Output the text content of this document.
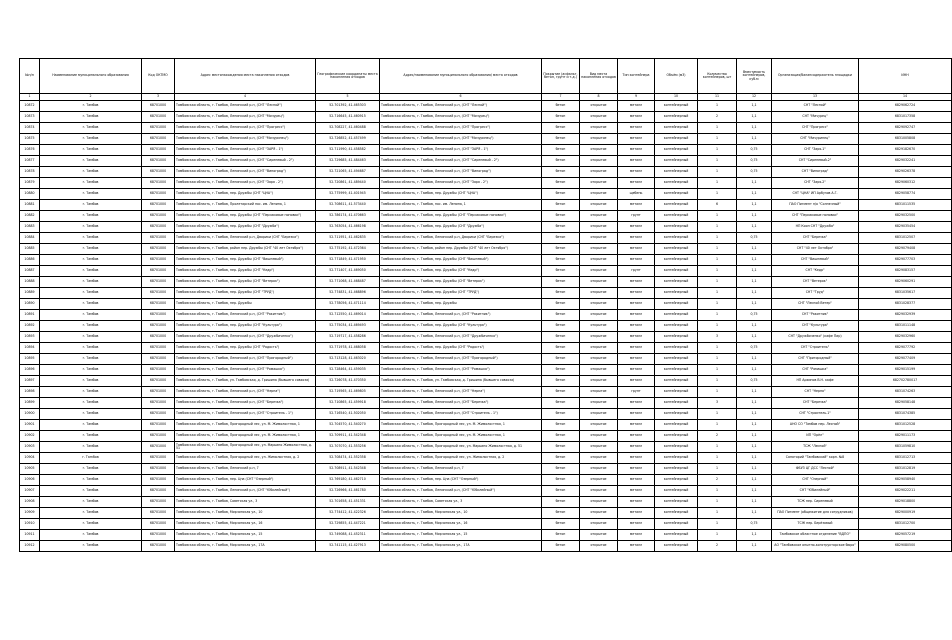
№п/п	Наименование муниципального образования	Код ОКТМО	Адрес местонахождения места накопления отходов	Географические координаты места накопления отходов	Адрес/наименование муниципального образования/ места отходов	Покрытие (асфальт, бетон, грунт и т.д.)	Вид места накопления отходов	Тип контейнера	Объём (м3)	Количество контейнеров, шт	Вместимость контейнеров, куб.м	Организация/балансодержатель площадки	ИНН
1	2	3	4	5	6	7	8	9	10	11	12	13	14
10872	г. Тамбов	68701000	Тамбовская область, г. Тамбов, Ленинский р-н, (СНТ "Лесной")	52.701392, 41.465303	Тамбовская область, г. Тамбов, Ленинский р-н, (СНТ "Лесной")	бетон	открытое	металл	контейнерный	1	1,1	СНТ "Лесной"	6829062724
10873	г. Тамбов	68701000	Тамбовская область, г. Тамбов, Ленинский р-н, (СНТ "Мичурец")	52.716645, 41.460915	Тамбовская область, г. Тамбов, Ленинский р-н, (СНТ "Мичурец")	бетон	открытое	металл	контейнерный	2	1,1	СНТ "Мичурец"	6831017358
10874	г. Тамбов	68701000	Тамбовская область, г. Тамбов, Ленинский р-н, (СНТ "Прогресс")	52.708227, 41.460488	Тамбовская область, г. Тамбов, Ленинский р-н, (СНТ "Прогресс")	бетон	открытое	металл	контейнерный	1	1,1	СНТ "Прогресс"	6829092747
10875	г. Тамбов	68701000	Тамбовская область, г. Тамбов, Ленинский р-н, (СНТ "Мичуринец")	52.726852, 41.457499	Тамбовская область, г. Тамбов, Ленинский р-н, (СНТ "Мичуринец")	бетон	открытое	металл	контейнерный	1	1,1	СНТ "Мичуринец"	6831005808
10876	г. Тамбов	68701000	Тамбовская область, г. Тамбов, Ленинский р-н, (СНТ "ЗАРЯ - 1")	52.711990, 41.458582	Тамбовская область, г. Тамбов, Ленинский р-н, (СНТ "ЗАРЯ - 1")	бетон	открытое	металл	контейнерный	1	0,75	СНТ "Заря-1"	6829182670
10877	г. Тамбов	68701000	Тамбовская область, г. Тамбов, Ленинский р-н, (СНТ "Сиреневый - 2")	52.729685, 41.484463	Тамбовская область, г. Тамбов, Ленинский р-н, (СНТ "Сиреневый - 2")	бетон	открытое	металл	контейнерный	1	0,75	СНТ "Сиреневый-2"	6829032241
10878	г. Тамбов	68701000	Тамбовская область, г. Тамбов, Ленинский р-н, (СНТ "Виноград")	52.721065, 41.494687	Тамбовская область, г. Тамбов, Ленинский р-н, (СНТ "Виноград")	бетон	открытое	металл	контейнерный	1	0,75	СНТ "Виноград"	6829026378
10879	г. Тамбов	68701000	Тамбовская область, г. Тамбов, Ленинский р-н, (СНТ "Заря - 2")	52.720861, 41.489440	Тамбовская область, г. Тамбов, Ленинский р-н, (СНТ "Заря - 2")	бетон	открытое	металл	контейнерный	1	1,1	СНТ "Заря-2"	6829060312
10880	г. Тамбов	68701000	Тамбовская область, г. Тамбов, пер. Дружбы (СНТ "ЦНА")	52.775999, 41.401945	Тамбовская область, г. Тамбов, пер. Дружбы (СНТ "ЦНА")	бетон	открытое	щебень	контейнерный	1	1,1	СНТ "ЦНА" ИП Арбузов А.Г.	6829058774
10881	г. Тамбов	68701000	Тамбовская область, г. Тамбов, Пролетарский пос. им. Ленина, 1	52.708611, 41.573440	Тамбовская область, г. Тамбов, пос. им. Ленина, 1	бетон	открытое	металл	контейнерный	6	1,1	ПАО Пигмент п/о "Солнечный"	6831011535
10882	г. Тамбов	68701000	Тамбовская область, г. Тамбов, пер. Дружбы (СНТ "Персиковые поповки")	52.786174, 41.470663	Тамбовская область, г. Тамбов, пер. Дружбы (СНТ "Персиковые поповки")	бетон	открытое	грунт	контейнерный	1	1,1	СНТ "Персиковые поповки"	6829032500
10883	г. Тамбов	68701000	Тамбовская область, г. Тамбов, пер. Дружбы (СНТ "Дружба")	52.763054, 41.466198	Тамбовская область, г. Тамбов, пер. Дружбы (СНТ "Дружба")	бетон	открытое	металл	контейнерный	1	1,1	НП Кооп СНТ "Дружба"	6829035454
10884	г. Тамбов	68701000	Тамбовская область, г. Тамбов, Ленинский р-н, Дворики (СНТ "Березка")	52.711951, 41.462835	Тамбовская область, г. Тамбов, Ленинский р-н, Дворики (СНТ "Березка")	бетон	открытое	металл	контейнерный	1	0,75	СНТ "Березка"	6831012507
10885	г. Тамбов	68701000	Тамбовская область, г. Тамбов, район пер. Дружбы (СНТ "40 лет Октября")	52.775192, 41.472364	Тамбовская область, г. Тамбов, район пер. Дружбы (СНТ "40 лет Октября")	бетон	открытое	металл	контейнерный	1	1,1	СНТ "40 лет Октября"	6829079408
10886	г. Тамбов	68701000	Тамбовская область, г. Тамбов, пер. Дружбы (СНТ "Вишневый")	52.771849, 41.471950	Тамбовская область, г. Тамбов, пер. Дружбы (СНТ "Вишневый")	бетон	открытое	металл	контейнерный	1	1,1	СНТ "Вишневый"	6829077703
10887	г. Тамбов	68701000	Тамбовская область, г. Тамбов, пер. Дружбы (СНТ "Кедр")	52.771407, 41.469050	Тамбовская область, г. Тамбов, пер. Дружбы (СНТ "Кедр")	бетон	открытое	грунт	контейнерный	1	1,1	СНТ "Кедр"	6829083157
10888	г. Тамбов	68701000	Тамбовская область, г. Тамбов, пер. Дружбы (СНТ "Ветерок")	52.771068, 41.468487	Тамбовская область, г. Тамбов, пер. Дружбы (СНТ "Ветерок")	бетон	открытое	металл	контейнерный	1	1,1	СНТ "Ветерок"	6829060291
10889	г. Тамбов	68701000	Тамбовская область, г. Тамбов, пер. Дружбы (СНТ "ТРУД")	52.774831, 41.468896	Тамбовская область, г. Тамбов, пер. Дружбы (СНТ "ТРУД")	бетон	открытое	металл	контейнерный	1	1,1	СНТ "Труд"	6831035617
10890	г. Тамбов	68701000	Тамбовская область, г. Тамбов, пер. Дружбы	52.778056, 41.471114	Тамбовская область, г. Тамбов, пер. Дружбы	бетон	открытое	металл	контейнерный	1	1,1	СНТ "Лесной Ветер"	6831028377
10891	г. Тамбов	68701000	Тамбовская область, г. Тамбов, Ленинский р-н, (СНТ "Ракитник")	52.712550, 41.469014	Тамбовская область, г. Тамбов, Ленинский р-н, (СНТ "Ракитник")	бетон	открытое	металл	контейнерный	1	0,75	СНТ "Ракитник"	6829032939
10892	г. Тамбов	68701000	Тамбовская область, г. Тамбов, пер. Дружбы (СНТ "Культура")	52.775034, 41.469493	Тамбовская область, г. Тамбов, пер. Дружбы (СНТ "Культура")	бетон	открытое	металл	контейнерный	1	1,1	СНТ "Культура"	6831011148
10893	г. Тамбов	68701000	Тамбовская область, г. Тамбов, Ленинский р-н, (СНТ "Дружбиченко")	52.719717, 41.458286	Тамбовская область, г. Тамбов, Ленинский р-н, (СНТ "Дружбиченко")	бетон	открытое	металл	контейнерный	3	1,1	СНТ "Дружбиченко" (кафе Пир)	6829032960
10894	г. Тамбов	68701000	Тамбовская область, г. Тамбов, пер. Дружбы (СНТ "Радость")	52.771978, 41.468058	Тамбовская область, г. Тамбов, пер. Дружбы (СНТ "Радость")	бетон	открытое	металл	контейнерный	1	0,75	СНТ "Строитель"	6829077792
10895	г. Тамбов	68701000	Тамбовская область, г. Тамбов, Ленинский р-н, (СНТ "Пригородный")	52.713128, 41.463020	Тамбовская область, г. Тамбов, Ленинский р-н, (СНТ "Пригородный")	бетон	открытое	металл	контейнерный	1	1,1	СНТ "Пригородный"	6829077409
10896	г. Тамбов	68701000	Тамбовская область, г. Тамбов, Ленинский р-н, (СНТ "Ромашка")	52.728464, 41.459035	Тамбовская область, г. Тамбов, Ленинский р-н, (СНТ "Ромашка")	бетон	открытое	металл	контейнерный	1	1,1	СНТ "Ромашка"	6829015199
10897	г. Тамбов	68701000	Тамбовская область, г. Тамбов, ул. Тамбовская, д. Гришина (бывшего совхоза)	52.726078, 41.470350	Тамбовская область, г. Тамбов, ул. Тамбовская, д. Гришина (бывшего совхоза)	бетон	открытое	металл	контейнерный	1	0,75	НП Архипов В.Н. кафе	682702780017
10898	г. Тамбов	68701000	Тамбовская область, г. Тамбов, Ленинский р-н, (СНТ "Нерпа")	52.719565, 41.469805	Тамбовская область, г. Тамбов, Ленинский р-н, (СНТ "Нерпа")	бетон	открытое	грунт	контейнерный	1	1,1	СНТ "Нерпа"	6831074263
10899	г. Тамбов	68701000	Тамбовская область, г. Тамбов, Ленинский р-н, (СНТ "Березка")	52.710865, 41.459918	Тамбовская область, г. Тамбов, Ленинский р-н, (СНТ "Березка")	бетон	открытое	металл	контейнерный	3	1,1	СНТ "Березка"	6829058148
10900	г. Тамбов	68701000	Тамбовская область, г. Тамбов, Ленинский р-н, (СНТ "Строитель - 1")	52.716540, 41.502050	Тамбовская область, г. Тамбов, Ленинский р-н, (СНТ "Строитель - 1")	бетон	открытое	металл	контейнерный	1	1,1	СНТ "Строитель-1"	6831074385
10901	г. Тамбов	68701000	Тамбовская область, г. Тамбов, Пригородный лес, ул. М. Жимолостная, 1	52.704570, 41.540270	Тамбовская область, г. Тамбов, Пригородный лес, ул. М. Жимолостная, 1	бетон	открытое	металл	контейнерный	1	1,1	АНО СО "Тамбов пер. Лесной"	6831012528
10902	г. Тамбов	68701000	Тамбовская область, г. Тамбов, Пригородный лес, ул. М. Жимолостная, 1	52.709911, 41.542348	Тамбовская область, г. Тамбов, Пригородный лес, ул. М. Жимолостная, 1	бетон	открытое	металл	контейнерный	2	1,1	ИП "Орёл"	6829011173
10903	г. Тамбов	68701000	Тамбовская область, г. Тамбов, Пригородный лес, ул. Марьино Жимолостная, д. 51	52.707070, 41.553256	Тамбовская область, г. Тамбов, Пригородный лес, ул. Марьино Жимолостная, д. 51	бетон	открытое	металл	контейнерный	1	1,1	ТСЖ "Лесной"	6831059810
10904	г. Тamбов	68701000	Тамбовская область, г. Тамбов, Пригородный лес, ул. Жимолостная, д. 2	52.708474, 41.552358	Тамбовская область, г. Тамбов, Пригородный лес, ул. Жимолостная, д. 2	бетон	открытое	металл	контейнерный	1	1,1	Санаторий "Тамбовский" корп. №8	6831012713
10905	г. Тамбов	68701000	Тамбовская область, г. Тамбов, Ленинский р-н, 7	52.708911, 41.542348	Тамбовская область, г. Тамбов, Ленинский р-н, 7	бетон	открытое	металл	контейнерный	1	1,1	ФБУЗ ЦГ ДСС "Лесной"	6831012819
10906	г. Тамбов	68701000	Тамбовская область, г. Тамбов, пер. Цна (СНТ "Озерный")	52.769180, 41.462710	Тамбовская область, г. Тамбов, пер. Цна (СНТ "Озерный")	бетон	открытое	металл	контейнерный	2	1,1	СНТ "Озерный"	6829058940
10907	г. Тамбов	68701000	Тамбовская область, г. Тамбов, Ленинский р-н, (СНТ "Юбилейный")	52.726966, 41.461780	Тамбовская область, г. Тамбов, Ленинский р-н, (СНТ "Юбилейный")	бетон	открытое	металл	контейнерный	1	1,1	СНТ "Юбилейный"	6829022211
10908	г. Тамбов	68701000	Тамбовская область, г. Тамбов, Советская ул., 3	52.701658, 41.451331	Тамбовская область, г. Тамбов, Советская ул., 3	бетон	открытое	металл	контейнерный	1	1,1	ТСЖ пер. Сиреневый	6829018800
10909	г. Тамбов	68701000	Тамбовская область, г. Тамбов, Мирчинская ул., 10	52.774412, 41.422326	Тамбовская область, г. Тамбов, Мирчинская ул., 10	бетон	открытое	металл	контейнерный	1	1,1	ПАО Пигмент (общежитие для сотрудников)	6829000919
10910	г. Тамбов	68701000	Тамбовская область, г. Тамбов, Мирчинская ул., 16	52.729855, 41.447221	Тамбовская область, г. Тамбов, Мирчинская ул., 16	бетон	открытое	металл	контейнерный	1	0,75	ТСЖ пер. Берёзовый	6831012700
10911	г. Тамбов	68701000	Тамбовская область, г. Тамбов, Мирчинская ул., 15	52.749088, 41.452311	Тамбовская область, г. Тамбов, Мирчинская ул., 15	бетон	открытое	металл	контейнерный	1	1,1	Тамбовское областное отделение "ВДПО"	6829057219
10912	г. Тамбов	68701000	Тамбовская область, г. Тамбов, Мирчинская ул., 17А	52.741115, 41.427913	Тамбовская область, г. Тамбов, Мирчинская ул., 17А	бетон	открытое	металл	контейнерный	2	1,1	АО "Тамбовское опытно-конструкторское бюро"	6829080500
